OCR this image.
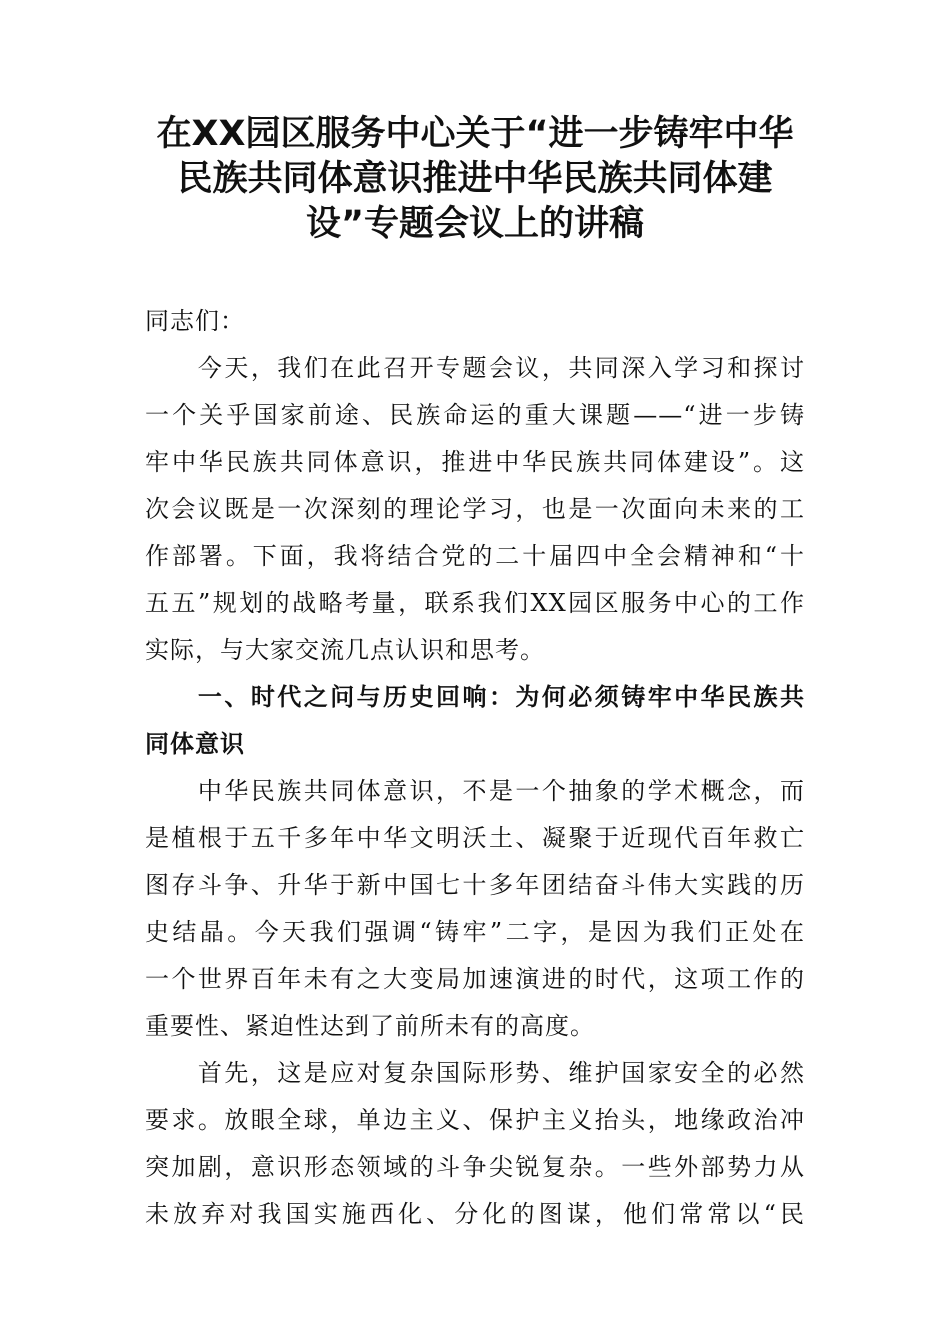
在XX园区服务中心关于“进一步铸牢中华
民族共同体意识推进中华民族共同体建
设”专题会议上的讲稿
同志们：
　　今天，我们在此召开专题会议，共同深入学习和探讨
一个关乎国家前途、民族命运的重大课题——“进一步铸
牢中华民族共同体意识，推进中华民族共同体建设”。这
次会议既是一次深刻的理论学习，也是一次面向未来的工
作部署。下面，我将结合党的二十届四中全会精神和“十
五五”规划的战略考量，联系我们XX园区服务中心的工作
实际，与大家交流几点认识和思考。
　　一、时代之问与历史回响：为何必须铸牢中华民族共
同体意识
　　中华民族共同体意识，不是一个抽象的学术概念，而
是植根于五千多年中华文明沃土、凝聚于近现代百年救亡
图存斗争、升华于新中国七十多年团结奋斗伟大实践的历
史结晶。今天我们强调“铸牢”二字，是因为我们正处在
一个世界百年未有之大变局加速演进的时代，这项工作的
重要性、紧迫性达到了前所未有的高度。
　　首先，这是应对复杂国际形势、维护国家安全的必然
要求。放眼全球，单边主义、保护主义抬头，地缘政治冲
突加剧，意识形态领域的斗争尖锐复杂。一些外部势力从
未放弃对我国实施西化、分化的图谋，他们常常以“民
